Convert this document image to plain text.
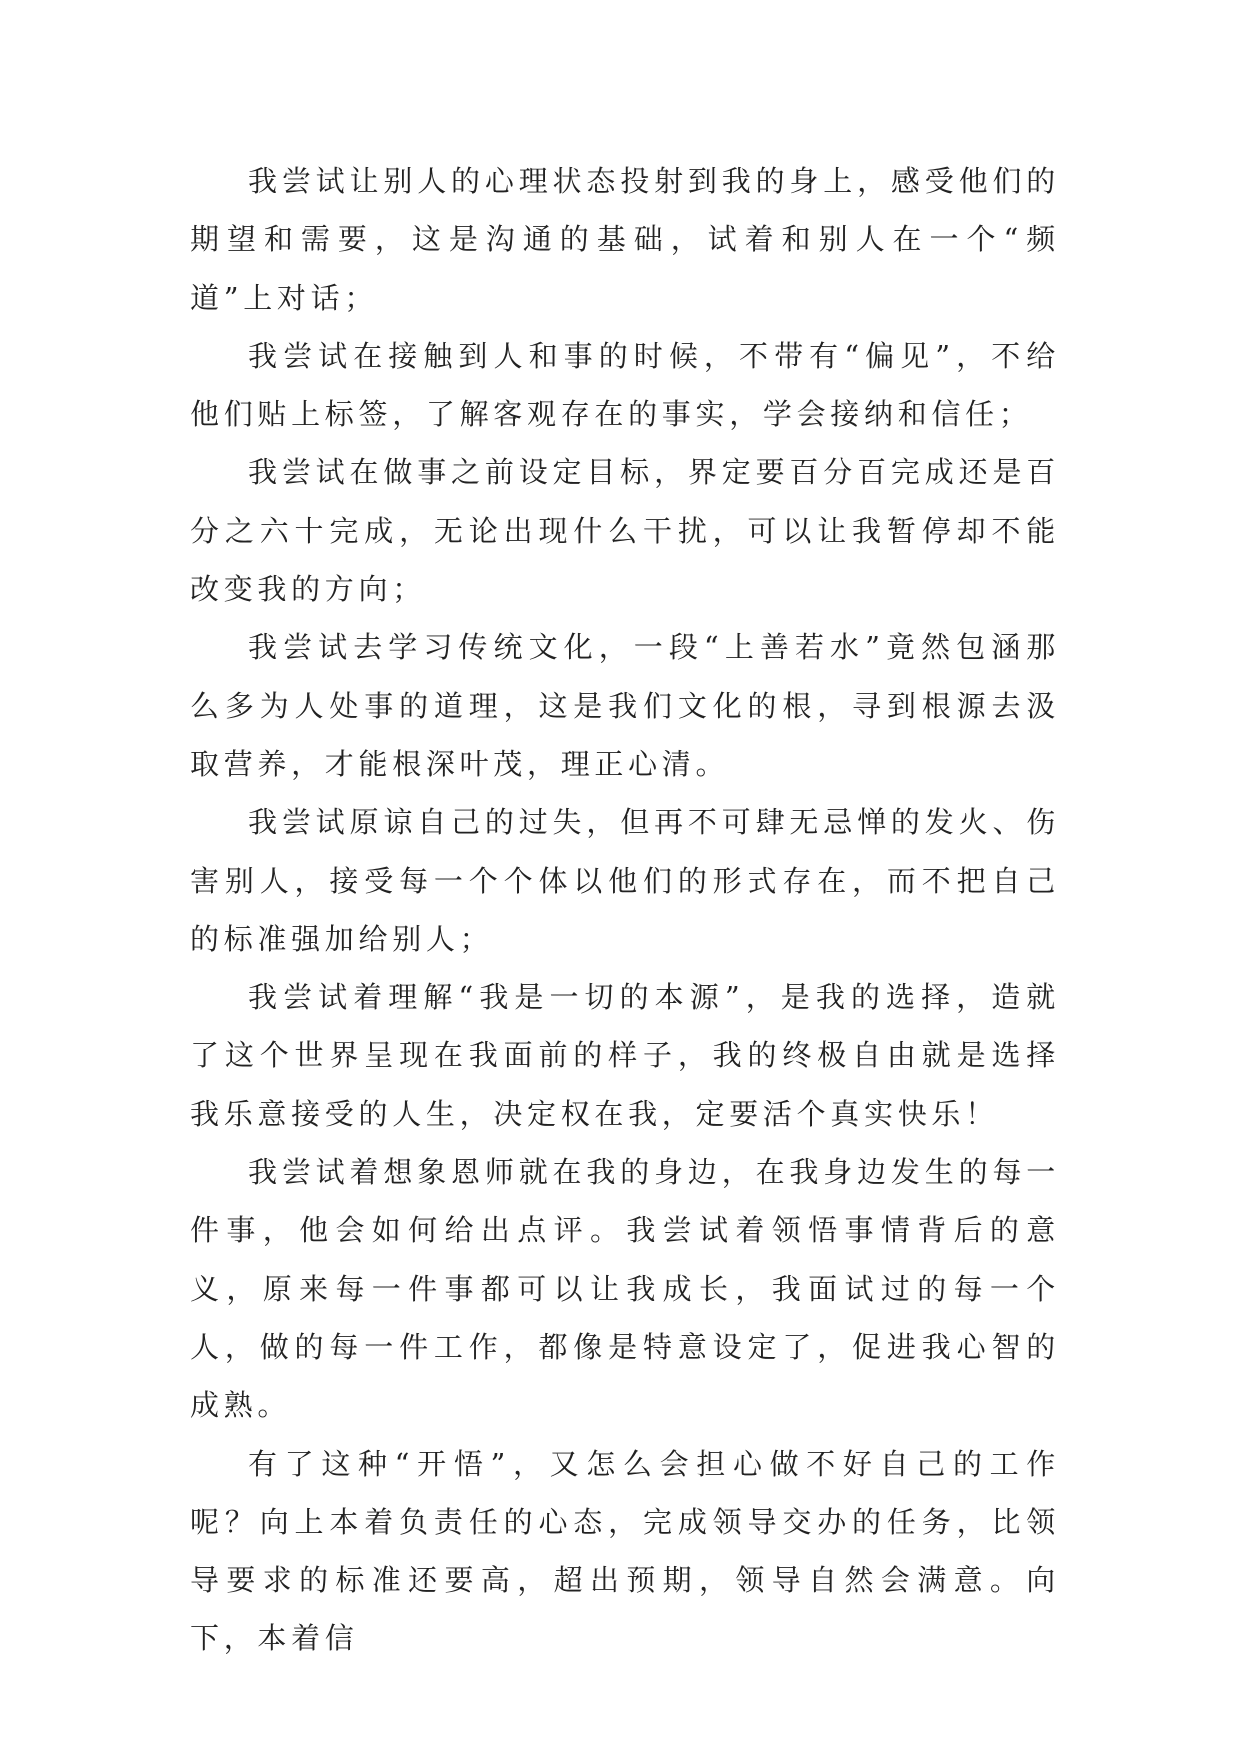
我尝试让别人的心理状态投射到我的身上，感受他们的期望和需要，这是沟通的基础，试着和别人在一个“频道”上对话；

我尝试在接触到人和事的时候，不带有“偏见”，不给他们贴上标签，了解客观存在的事实，学会接纳和信任；

我尝试在做事之前设定目标，界定要百分百完成还是百分之六十完成，无论出现什么干扰，可以让我暂停却不能改变我的方向；

我尝试去学习传统文化，一段“上善若水”竟然包涵那么多为人处事的道理，这是我们文化的根，寻到根源去汲取营养，才能根深叶茂，理正心清。

我尝试原谅自己的过失，但再不可肆无忌惮的发火、伤害别人，接受每一个个体以他们的形式存在，而不把自己的标准强加给别人；

我尝试着理解“我是一切的本源”，是我的选择，造就了这个世界呈现在我面前的样子，我的终极自由就是选择我乐意接受的人生，决定权在我，定要活个真实快乐！

我尝试着想象恩师就在我的身边，在我身边发生的每一件事，他会如何给出点评。我尝试着领悟事情背后的意义，原来每一件事都可以让我成长，我面试过的每一个人，做的每一件工作，都像是特意设定了，促进我心智的成熟。

有了这种“开悟”，又怎么会担心做不好自己的工作呢？向上本着负责任的心态，完成领导交办的任务，比领导要求的标准还要高，超出预期，领导自然会满意。向下，本着信
